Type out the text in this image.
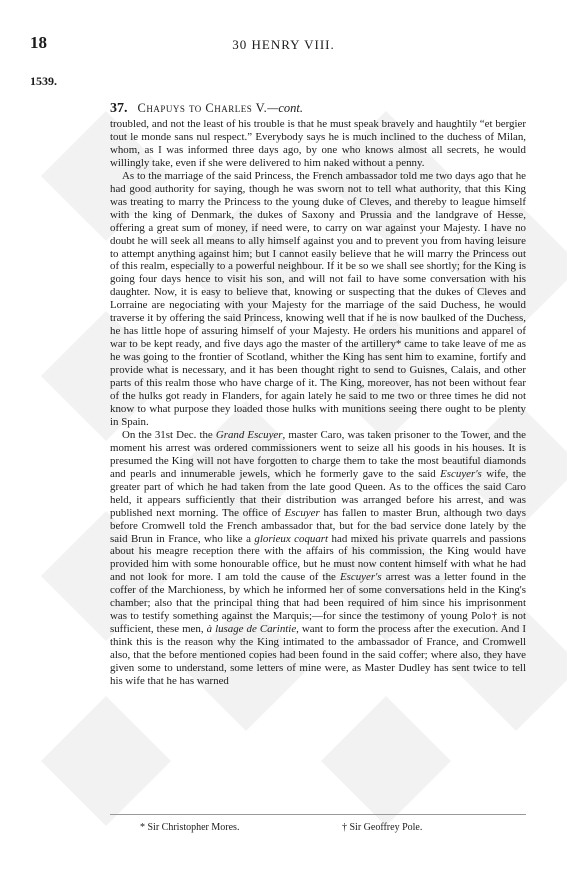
18	30 HENRY VIII.
1539.
37. Chapuys to Charles V.—cont.

troubled, and not the least of his trouble is that he must speak bravely and haughtily “et bergier tout le monde sans nul respect.” Everybody says he is much inclined to the duchess of Milan, whom, as I was informed three days ago, by one who knows almost all secrets, he would willingly take, even if she were delivered to him naked without a penny.

As to the marriage of the said Princess, the French ambassador told me two days ago that he had good authority for saying, though he was sworn not to tell what authority, that this King was treating to marry the Princess to the young duke of Cleves, and thereby to league himself with the king of Denmark, the dukes of Saxony and Prussia and the landgrave of Hesse, offering a great sum of money, if need were, to carry on war against your Majesty. I have no doubt he will seek all means to ally himself against you and to prevent you from having leisure to attempt anything against him; but I cannot easily believe that he will marry the Princess out of this realm, especially to a powerful neighbour. If it be so we shall see shortly; for the King is going four days hence to visit his son, and will not fail to have some conversation with his daughter. Now, it is easy to believe that, knowing or suspecting that the dukes of Cleves and Lorraine are negociating with your Majesty for the marriage of the said Duchess, he would traverse it by offering the said Princess, knowing well that if he is now baulked of the Duchess, he has little hope of assuring himself of your Majesty. He orders his munitions and apparel of war to be kept ready, and five days ago the master of the artillery* came to take leave of me as he was going to the frontier of Scotland, whither the King has sent him to examine, fortify and provide what is necessary, and it has been thought right to send to Guisnes, Calais, and other parts of this realm those who have charge of it. The King, moreover, has not been without fear of the hulks got ready in Flanders, for again lately he said to me two or three times he did not know to what purpose they loaded those hulks with munitions seeing there ought to be plenty in Spain.

On the 31st Dec. the Grand Escuyer, master Caro, was taken prisoner to the Tower, and the moment his arrest was ordered commissioners went to seize all his goods in his houses. It is presumed the King will not have forgotten to charge them to take the most beautiful diamonds and pearls and innumerable jewels, which he formerly gave to the said Escuyer's wife, the greater part of which he had taken from the late good Queen. As to the offices the said Caro held, it appears sufficiently that their distribution was arranged before his arrest, and was published next morning. The office of Escuyer has fallen to master Brun, although two days before Cromwell told the French ambassador that, but for the bad service done lately by the said Brun in France, who like a glorieux coquart had mixed his private quarrels and passions about his meagre reception there with the affairs of his commission, the King would have provided him with some honourable office, but he must now content himself with what he had and not look for more. I am told the cause of the Escuyer's arrest was a letter found in the coffer of the Marchioness, by which he informed her of some conversations held in the King's chamber; also that the principal thing that had been required of him since his imprisonment was to testify something against the Marquis;—for since the testimony of young Polo† is not sufficient, these men, à lusage de Carintie, want to form the process after the execution. And I think this is the reason why the King intimated to the ambassador of France, and Cromwell also, that the before mentioned copies had been found in the said coffer; where also, they have given some to understand, some letters of mine were, as Master Dudley has sent twice to tell his wife that he has warned

* Sir Christopher Mores.	† Sir Geoffrey Pole.
